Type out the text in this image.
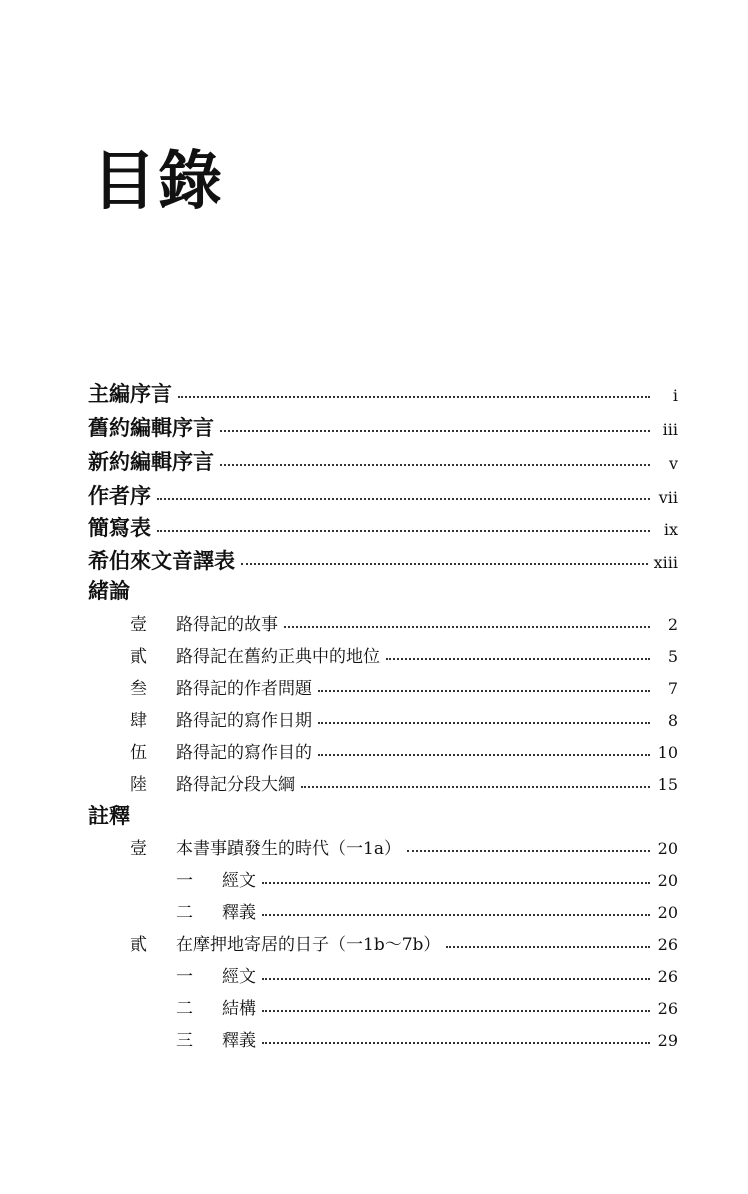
目錄
主編序言	i
舊約編輯序言	iii
新約編輯序言	v
作者序	vii
簡寫表	ix
希伯來文音譯表	xiii
緒論
壹	路得記的故事	2
貳	路得記在舊約正典中的地位	5
叁	路得記的作者問題	7
肆	路得記的寫作日期	8
伍	路得記的寫作目的	10
陸	路得記分段大綱	15
註釋
壹	本書事蹟發生的時代（一1a）	20
一	經文	20
二	釋義	20
貳	在摩押地寄居的日子（一1b～7b）	26
一	經文	26
二	結構	26
三	釋義	29
